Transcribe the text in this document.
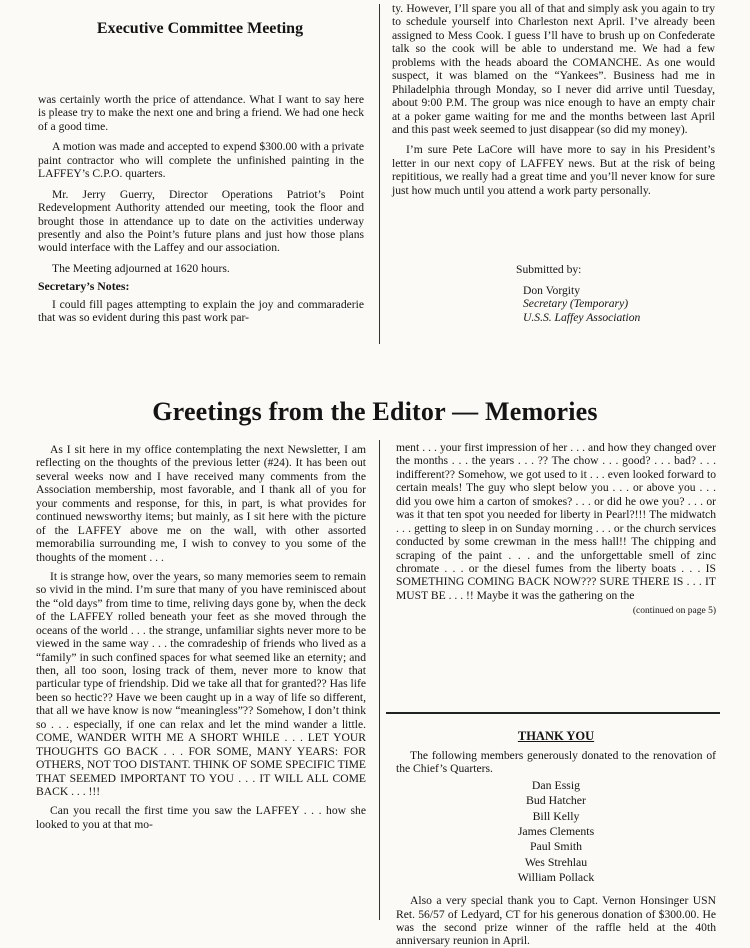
Executive Committee Meeting

was certainly worth the price of attendance. What I want to say here is please try to make the next one and bring a friend. We had one heck of a good time.

A motion was made and accepted to expend $300.00 with a private paint contractor who will complete the unfinished painting in the LAFFEY’s C.P.O. quarters.

Mr. Jerry Guerry, Director Operations Patriot’s Point Redevelopment Authority attended our meeting, took the floor and brought those in attendance up to date on the activities underway presently and also the Point’s future plans and just how those plans would interface with the Laffey and our association.

The Meeting adjourned at 1620 hours.

Secretary’s Notes:

I could fill pages attempting to explain the joy and commaraderie that was so evident during this past work par-

ty. However, I’ll spare you all of that and simply ask you again to try to schedule yourself into Charleston next April. I’ve already been assigned to Mess Cook. I guess I’ll have to brush up on Confederate talk so the cook will be able to understand me. We had a few problems with the heads aboard the COMANCHE. As one would suspect, it was blamed on the “Yankees”. Business had me in Philadelphia through Monday, so I never did arrive until Tuesday, about 9:00 P.M. The group was nice enough to have an empty chair at a poker game waiting for me and the months between last April and this past week seemed to just disappear (so did my money).

I’m sure Pete LaCore will have more to say in his President’s letter in our next copy of LAFFEY news. But at the risk of being repititious, we really had a great time and you’ll never know for sure just how much until you attend a work party personally.

Submitted by:

Don Vorgity

Secretary (Temporary)

U.S.S. Laffey Association

Greetings from the Editor — Memories

As I sit here in my office contemplating the next Newsletter, I am reflecting on the thoughts of the previous letter (#24). It has been out several weeks now and I have received many comments from the Association membership, most favorable, and I thank all of you for your comments and response, for this, in part, is what provides for continued newsworthy items; but mainly, as I sit here with the picture of the LAFFEY above me on the wall, with other assorted memorabilia surrounding me, I wish to convey to you some of the thoughts of the moment . . .

It is strange how, over the years, so many memories seem to remain so vivid in the mind. I’m sure that many of you have reminisced about the “old days” from time to time, reliving days gone by, when the deck of the LAFFEY rolled beneath your feet as she moved through the oceans of the world . . . the strange, unfamiliar sights never more to be viewed in the same way . . . the comradeship of friends who lived as a “family” in such confined spaces for what seemed like an eternity; and then, all too soon, losing track of them, never more to know that particular type of friendship. Did we take all that for granted?? Has life been so hectic?? Have we been caught up in a way of life so different, that all we have know is now “meaningless”?? Somehow, I don’t think so . . . especially, if one can relax and let the mind wander a little. COME, WANDER WITH ME A SHORT WHILE . . . LET YOUR THOUGHTS GO BACK . . . FOR SOME, MANY YEARS: FOR OTHERS, NOT TOO DISTANT. THINK OF SOME SPECIFIC TIME THAT SEEMED IMPORTANT TO YOU . . . IT WILL ALL COME BACK . . . !!!

Can you recall the first time you saw the LAFFEY . . . how she looked to you at that mo-

ment . . . your first impression of her . . . and how they changed over the months . . . the years . . . ?? The chow . . . good? . . . bad? . . . indifferent?? Somehow, we got used to it . . . even looked forward to certain meals! The guy who slept below you . . . or above you . . . did you owe him a carton of smokes? . . . or did he owe you? . . . or was it that ten spot you needed for liberty in Pearl?!!! The midwatch . . . getting to sleep in on Sunday morning . . . or the church services conducted by some crewman in the mess hall!! The chipping and scraping of the paint . . . and the unforgettable smell of zinc chromate . . . or the diesel fumes from the liberty boats . . . IS SOMETHING COMING BACK NOW??? SURE THERE IS . . . IT MUST BE . . . !! Maybe it was the gathering on the

(continued on page 5)

THANK YOU

The following members generously donated to the renovation of the Chief’s Quarters.

Dan Essig
Bud Hatcher
Bill Kelly
James Clements
Paul Smith
Wes Strehlau
William Pollack

Also a very special thank you to Capt. Vernon Honsinger USN Ret. 56/57 of Ledyard, CT for his generous donation of $300.00. He was the second prize winner of the raffle held at the 40th anniversary reunion in April.
